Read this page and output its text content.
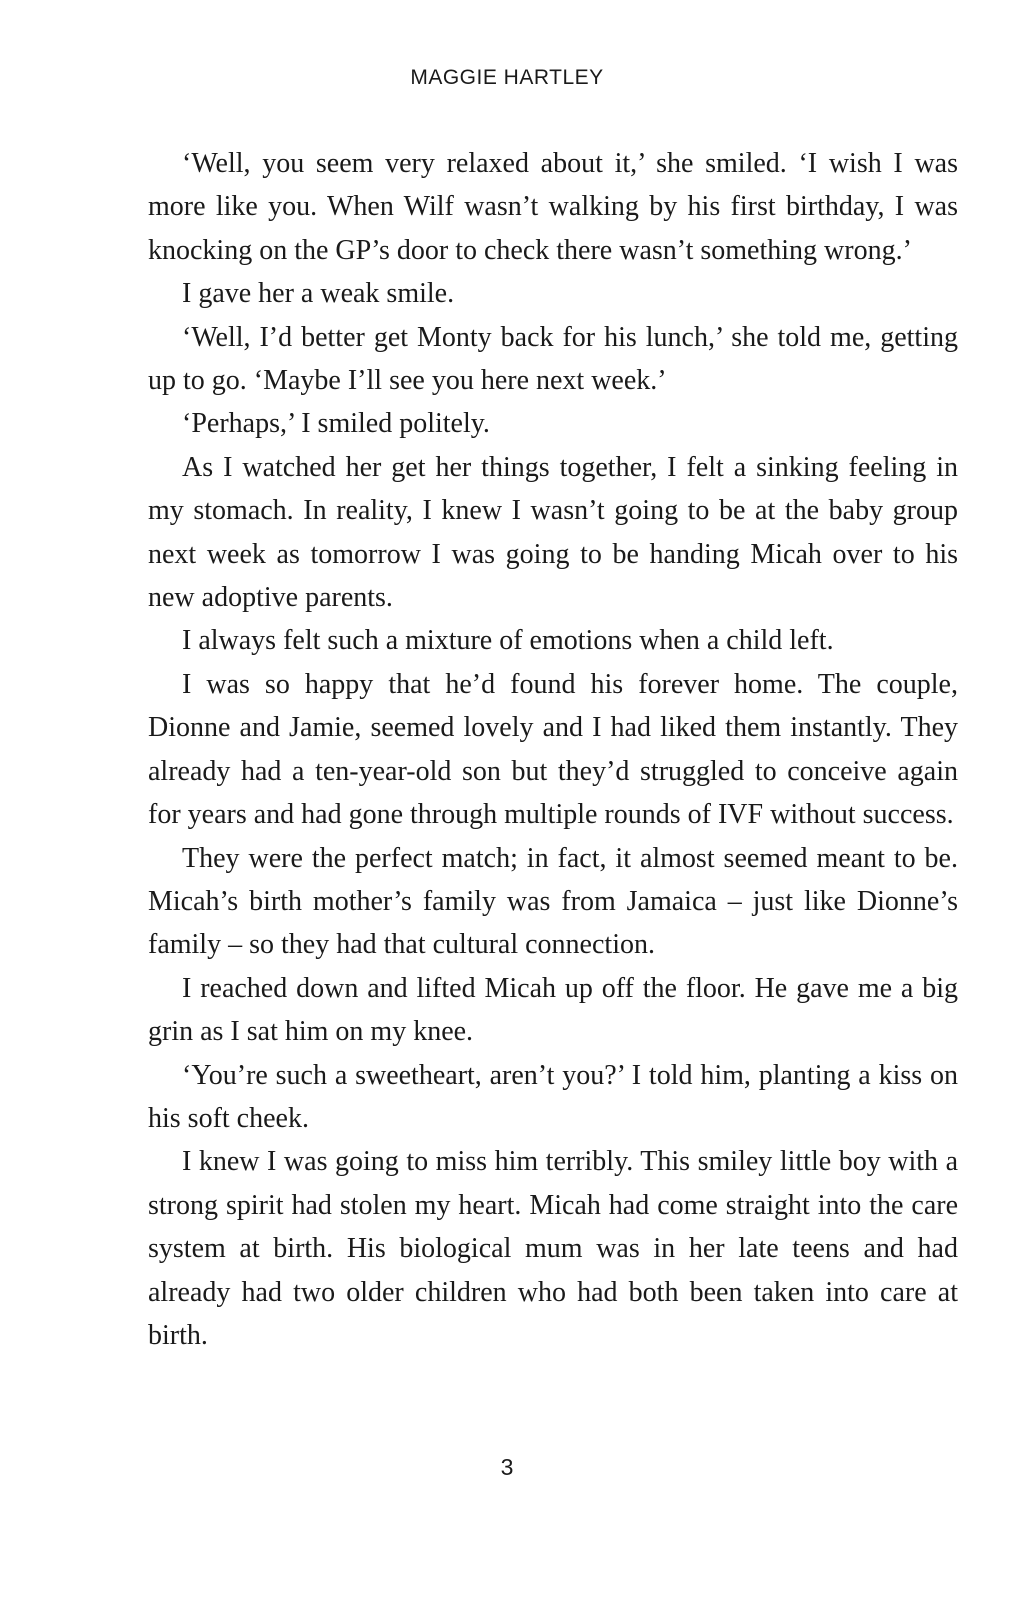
MAGGIE HARTLEY

‘Well, you seem very relaxed about it,’ she smiled. ‘I wish I was more like you. When Wilf wasn’t walking by his first birthday, I was knocking on the GP’s door to check there wasn’t something wrong.’

I gave her a weak smile.

‘Well, I’d better get Monty back for his lunch,’ she told me, getting up to go. ‘Maybe I’ll see you here next week.’

‘Perhaps,’ I smiled politely.

As I watched her get her things together, I felt a sinking feeling in my stomach. In reality, I knew I wasn’t going to be at the baby group next week as tomorrow I was going to be handing Micah over to his new adoptive parents.

I always felt such a mixture of emotions when a child left.

I was so happy that he’d found his forever home. The couple, Dionne and Jamie, seemed lovely and I had liked them instantly. They already had a ten-year-old son but they’d struggled to conceive again for years and had gone through multiple rounds of IVF without success.

They were the perfect match; in fact, it almost seemed meant to be. Micah’s birth mother’s family was from Jamaica – just like Dionne’s family – so they had that cultural connection.

I reached down and lifted Micah up off the floor. He gave me a big grin as I sat him on my knee.

‘You’re such a sweetheart, aren’t you?’ I told him, planting a kiss on his soft cheek.

I knew I was going to miss him terribly. This smiley little boy with a strong spirit had stolen my heart. Micah had come straight into the care system at birth. His biological mum was in her late teens and had already had two older children who had both been taken into care at birth.

3
